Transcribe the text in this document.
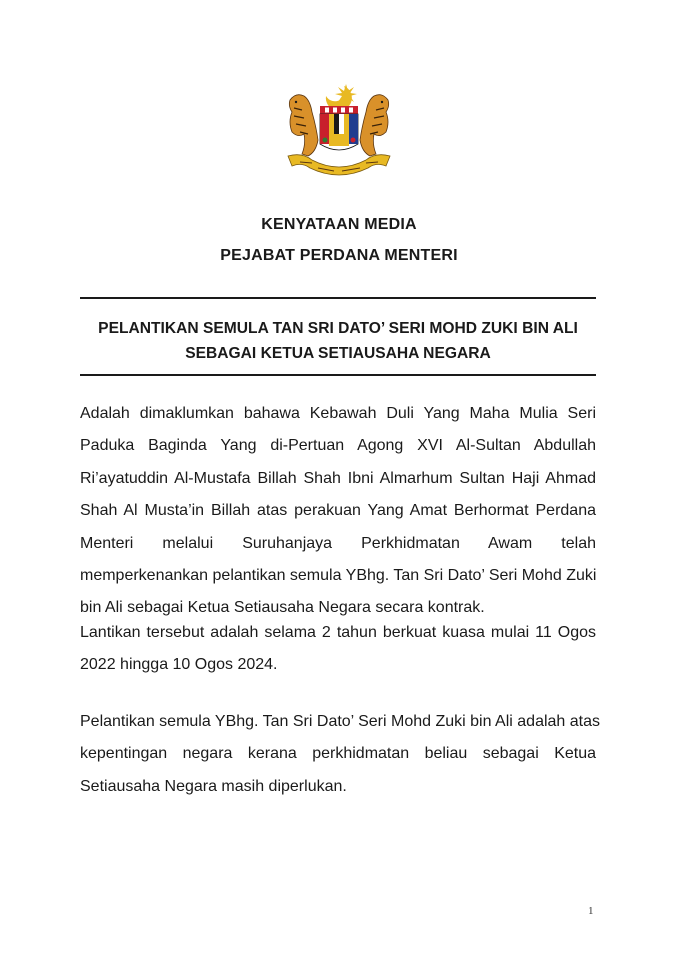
KENYATAAN MEDIA
PEJABAT PERDANA MENTERI
PELANTIKAN SEMULA TAN SRI DATO’ SERI MOHD ZUKI BIN ALI
SEBAGAI KETUA SETIAUSAHA NEGARA
Adalah dimaklumkan bahawa Kebawah Duli Yang Maha Mulia Seri
Paduka Baginda Yang di-Pertuan Agong XVI Al-Sultan Abdullah
Ri’ayatuddin Al-Mustafa Billah Shah Ibni Almarhum Sultan Haji Ahmad
Shah Al Musta’in Billah atas perakuan Yang Amat Berhormat Perdana
Menteri melalui Suruhanjaya Perkhidmatan Awam telah
memperkenankan pelantikan semula YBhg. Tan Sri Dato’ Seri Mohd Zuki
bin Ali sebagai Ketua Setiausaha Negara secara kontrak.
Lantikan tersebut adalah selama 2 tahun berkuat kuasa mulai 11 Ogos
2022 hingga 10 Ogos 2024.
Pelantikan semula YBhg. Tan Sri Dato’ Seri Mohd Zuki bin Ali adalah atas
kepentingan negara kerana perkhidmatan beliau sebagai Ketua
Setiausaha Negara masih diperlukan.
1
